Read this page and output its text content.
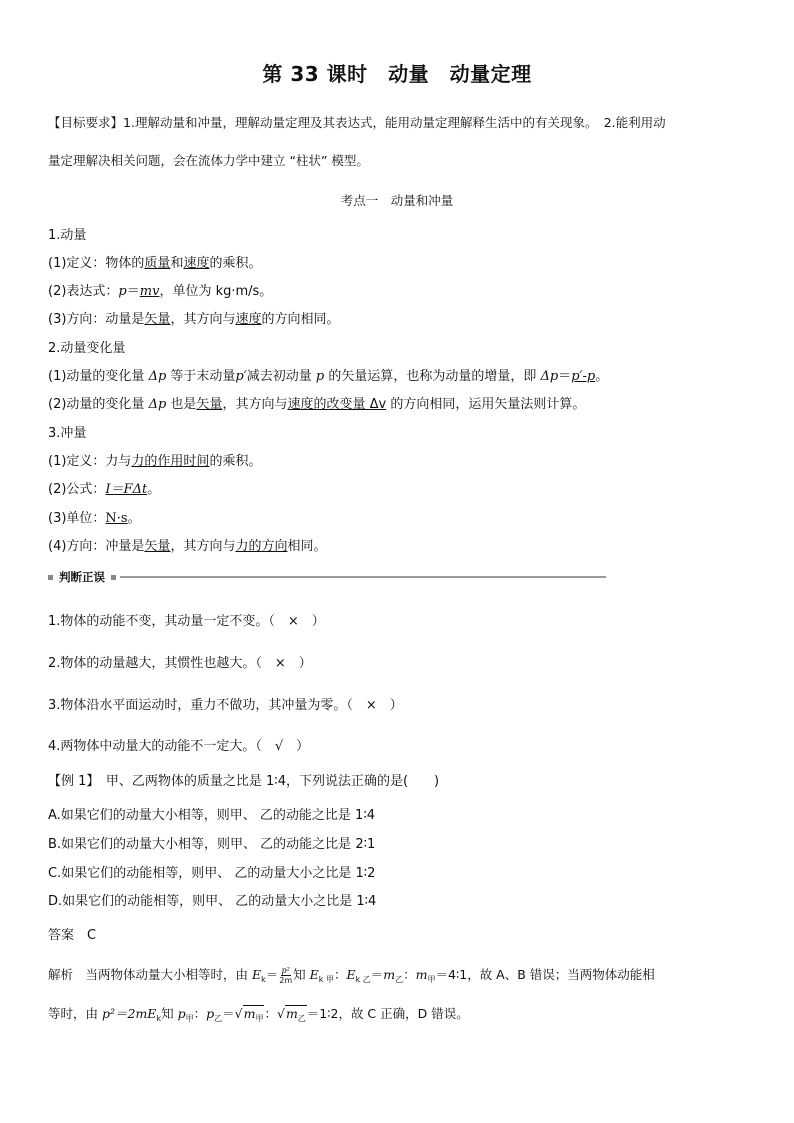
第 33 课时　动量　动量定理
【目标要求】1.理解动量和冲量，理解动量定理及其表达式，能用动量定理解释生活中的有关现象。　2.能利用动
量定理解决相关问题，会在流体力学中建立 “柱状” 模型。
考点一　动量和冲量
1.动量
(1)定义：物体的质量和速度的乘积。
(2)表达式：p＝mv，单位为 kg·m/s。
(3)方向：动量是矢量，其方向与速度的方向相同。
2.动量变化量
(1)动量的变化量 Δp 等于末动量p′减去初动量 p 的矢量运算，也称为动量的增量，即 Δp＝p′-p。
(2)动量的变化量 Δp 也是矢量，其方向与速度的改变量 Δv 的方向相同，运用矢量法则计算。
3.冲量
(1)定义：力与力的作用时间的乘积。
(2)公式：I＝FΔt。
(3)单位：N·s。
(4)方向：冲量是矢量，其方向与力的方向相同。
判断正误
1.物体的动能不变，其动量一定不变。（　×　）
2.物体的动量越大，其惯性也越大。（　×　）
3.物体沿水平面运动时，重力不做功，其冲量为零。（　×　）
4.两物体中动量大的动能不一定大。（　√　）
【例 1】　甲、乙两物体的质量之比是 1∶4，下列说法正确的是(　　)
A.如果它们的动量大小相等，则甲、 乙的动能之比是 1∶4
B.如果它们的动量大小相等，则甲、 乙的动能之比是 2∶1
C.如果它们的动能相等，则甲、 乙的动量大小之比是 1∶2
D.如果它们的动能相等，则甲、 乙的动量大小之比是 1∶4
答案　C
解析　当两物体动量大小相等时，由 $E_k= \frac{\text{p²}}{2m}$ 知 $E_{k 甲}$：$E_{k 乙}=m_乙$：$m_甲=4∶1$，故 A、B 错误；当两物体动能相
等时，由 $p^2=2mE_k$知 $p_甲$：$p_乙=√m_甲$：$√m_乙=1∶2$，故 C 正确，D 错误。
